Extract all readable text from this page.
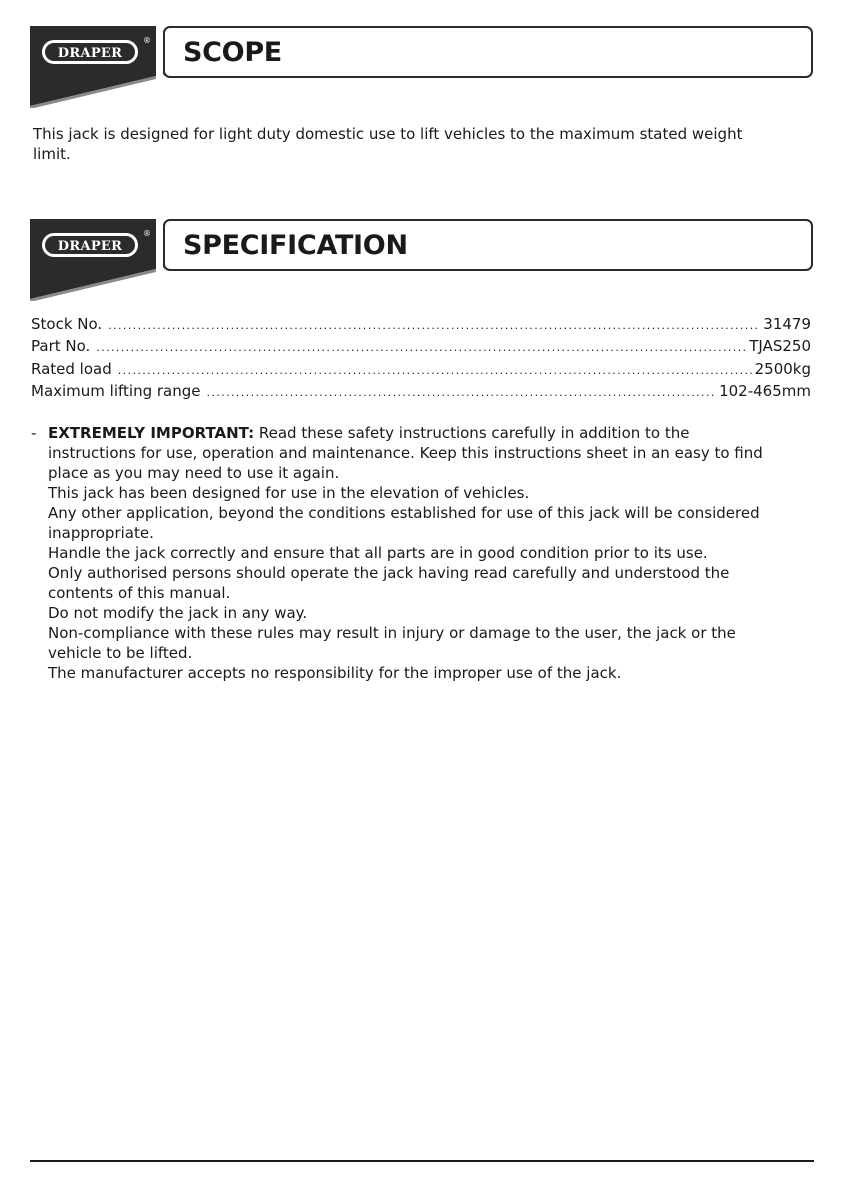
DRAPER
® SCOPE
This jack is designed for light duty domestic use to lift vehicles to the maximum stated weight
limit.
DRAPER
® SPECIFICATION
Stock No. .....	31479
Part No. .....	TJAS250
Rated load .....	2500kg
Maximum lifting range .....	102-465mm
- EXTREMELY IMPORTANT: Read these safety instructions carefully in addition to the

instructions for use, operation and maintenance. Keep this instructions sheet in an easy to find

place as you may need to use it again.

This jack has been designed for use in the elevation of vehicles.

Any other application, beyond the conditions established for use of this jack will be considered

inappropriate.

Handle the jack correctly and ensure that all parts are in good condition prior to its use.

Only authorised persons should operate the jack having read carefully and understood the

contents of this manual.

Do not modify the jack in any way.

Non-compliance with these rules may result in injury or damage to the user, the jack or the

vehicle to be lifted.

The manufacturer accepts no responsibility for the improper use of the jack.
